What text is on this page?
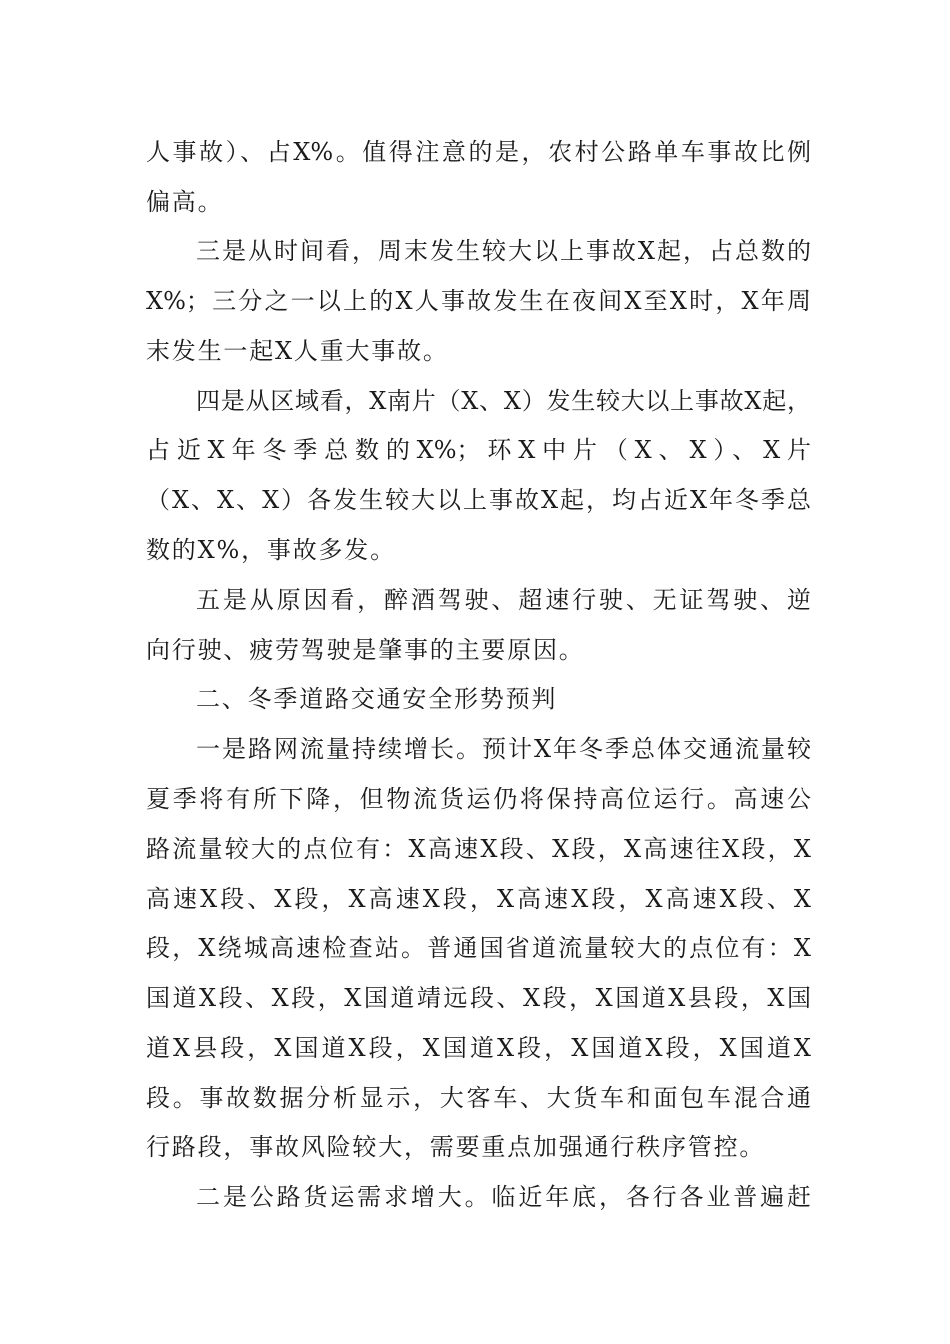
人事故）、占X%。值得注意的是，农村公路单车事故比例
偏高。
三是从时间看，周末发生较大以上事故X起，占总数的
X%；三分之一以上的X人事故发生在夜间X至X时，X年周
末发生一起X人重大事故。
四是从区域看，X南片（X、X）发生较大以上事故X起，
占近X年冬季总数的X%；环X中片（X、X）、X片
（X、X、X）各发生较大以上事故X起，均占近X年冬季总
数的X%，事故多发。
五是从原因看，醉酒驾驶、超速行驶、无证驾驶、逆
向行驶、疲劳驾驶是肇事的主要原因。
二、冬季道路交通安全形势预判
一是路网流量持续增长。预计X年冬季总体交通流量较
夏季将有所下降，但物流货运仍将保持高位运行。高速公
路流量较大的点位有：X高速X段、X段，X高速往X段，X
高速X段、X段，X高速X段，X高速X段，X高速X段、X
段，X绕城高速检查站。普通国省道流量较大的点位有：X
国道X段、X段，X国道靖远段、X段，X国道X县段，X国
道X县段，X国道X段，X国道X段，X国道X段，X国道X
段。事故数据分析显示，大客车、大货车和面包车混合通
行路段，事故风险较大，需要重点加强通行秩序管控。
二是公路货运需求增大。临近年底，各行各业普遍赶
